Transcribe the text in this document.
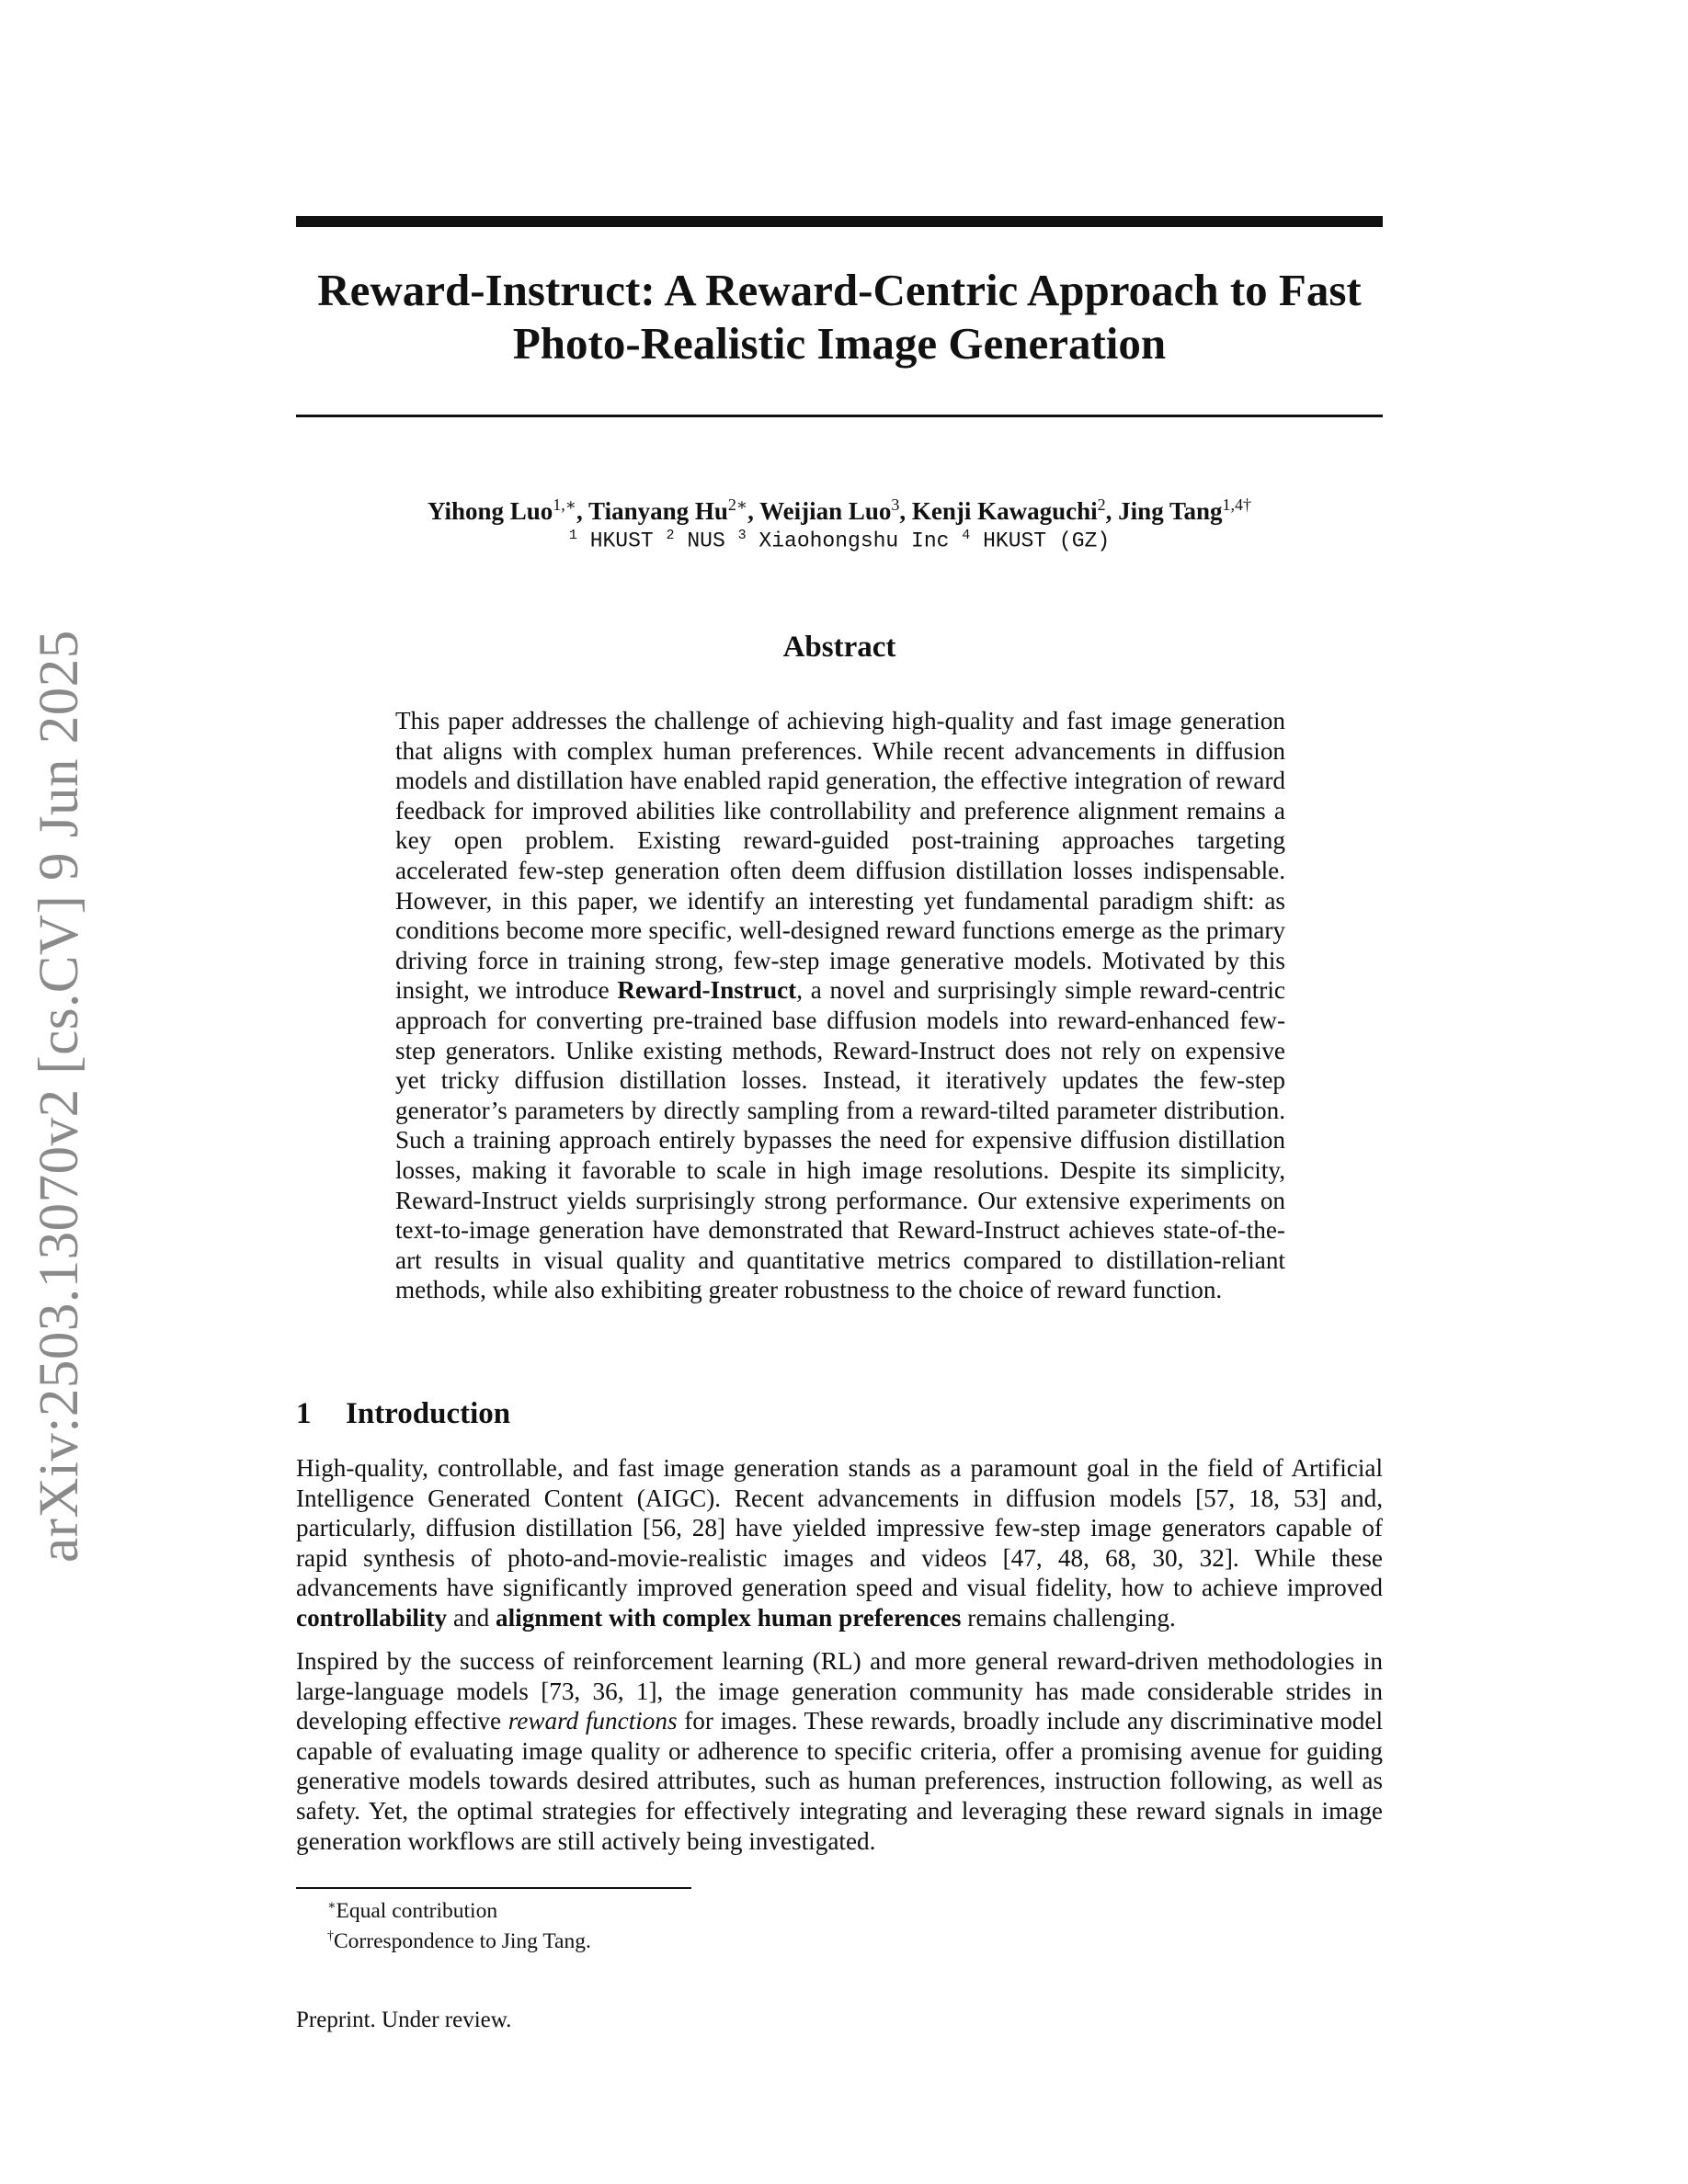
arXiv:2503.13070v2 [cs.CV] 9 Jun 2025
Reward-Instruct: A Reward-Centric Approach to Fast
Photo-Realistic Image Generation
Yihong Luo$^{1,∗}$, Tianyang $Hu^{2∗}$, Weijian Luo$^3$, Kenji Kawaguchi$^2$, Jing Tang$^{1,4\dagger}$
$^1$ HKUST $^2$ NUS $^3$ Xiaohongshu Inc $^4$ HKUST (GZ)
Abstract
This paper addresses the challenge of achieving high-quality and fast image generation that aligns with complex human preferences. While recent advancements in diffusion models and distillation have enabled rapid generation, the effective integration of reward feedback for improved abilities like controllability and preference alignment remains a key open problem. Existing reward-guided post-training approaches targeting accelerated few-step generation often deem diffusion distillation losses indispensable. However, in this paper, we identify an interesting yet fundamental paradigm shift: as conditions become more specific, well-designed reward functions emerge as the primary driving force in training strong, few-step image generative models. Motivated by this insight, we introduce Reward-Instruct, a novel and surprisingly simple reward-centric approach for converting pre-trained base diffusion models into reward-enhanced few-step generators. Unlike existing methods, Reward-Instruct does not rely on expensive yet tricky diffusion distillation losses. Instead, it iteratively updates the few-step generator’s parameters by directly sampling from a reward-tilted parameter distribution. Such a training approach entirely bypasses the need for expensive diffusion distillation losses, making it favorable to scale in high image resolutions. Despite its simplicity, Reward-Instruct yields surprisingly strong performance. Our extensive experiments on text-to-image generation have demonstrated that Reward-Instruct achieves state-of-the-art results in visual quality and quantitative metrics compared to distillation-reliant methods, while also exhibiting greater robustness to the choice of reward function.
1 Introduction
High-quality, controllable, and fast image generation stands as a paramount goal in the field of Artificial Intelligence Generated Content (AIGC). Recent advancements in diffusion models [57, 18, 53] and, particularly, diffusion distillation [56, 28] have yielded impressive few-step image generators capable of rapid synthesis of photo-and-movie-realistic images and videos [47, 48, 68, 30, 32]. While these advancements have significantly improved generation speed and visual fidelity, how to achieve improved controllability and alignment with complex human preferences remains challenging.
Inspired by the success of reinforcement learning (RL) and more general reward-driven methodologies in large-language models [73, 36, 1], the image generation community has made considerable strides in developing effective reward functions for images. These rewards, broadly include any discriminative model capable of evaluating image quality or adherence to specific criteria, offer a promising avenue for guiding generative models towards desired attributes, such as human preferences, instruction following, as well as safety. Yet, the optimal strategies for effectively integrating and leveraging these reward signals in image generation workflows are still actively being investigated.
∗Equal contribution
†Correspondence to Jing Tang.
Preprint. Under review.
